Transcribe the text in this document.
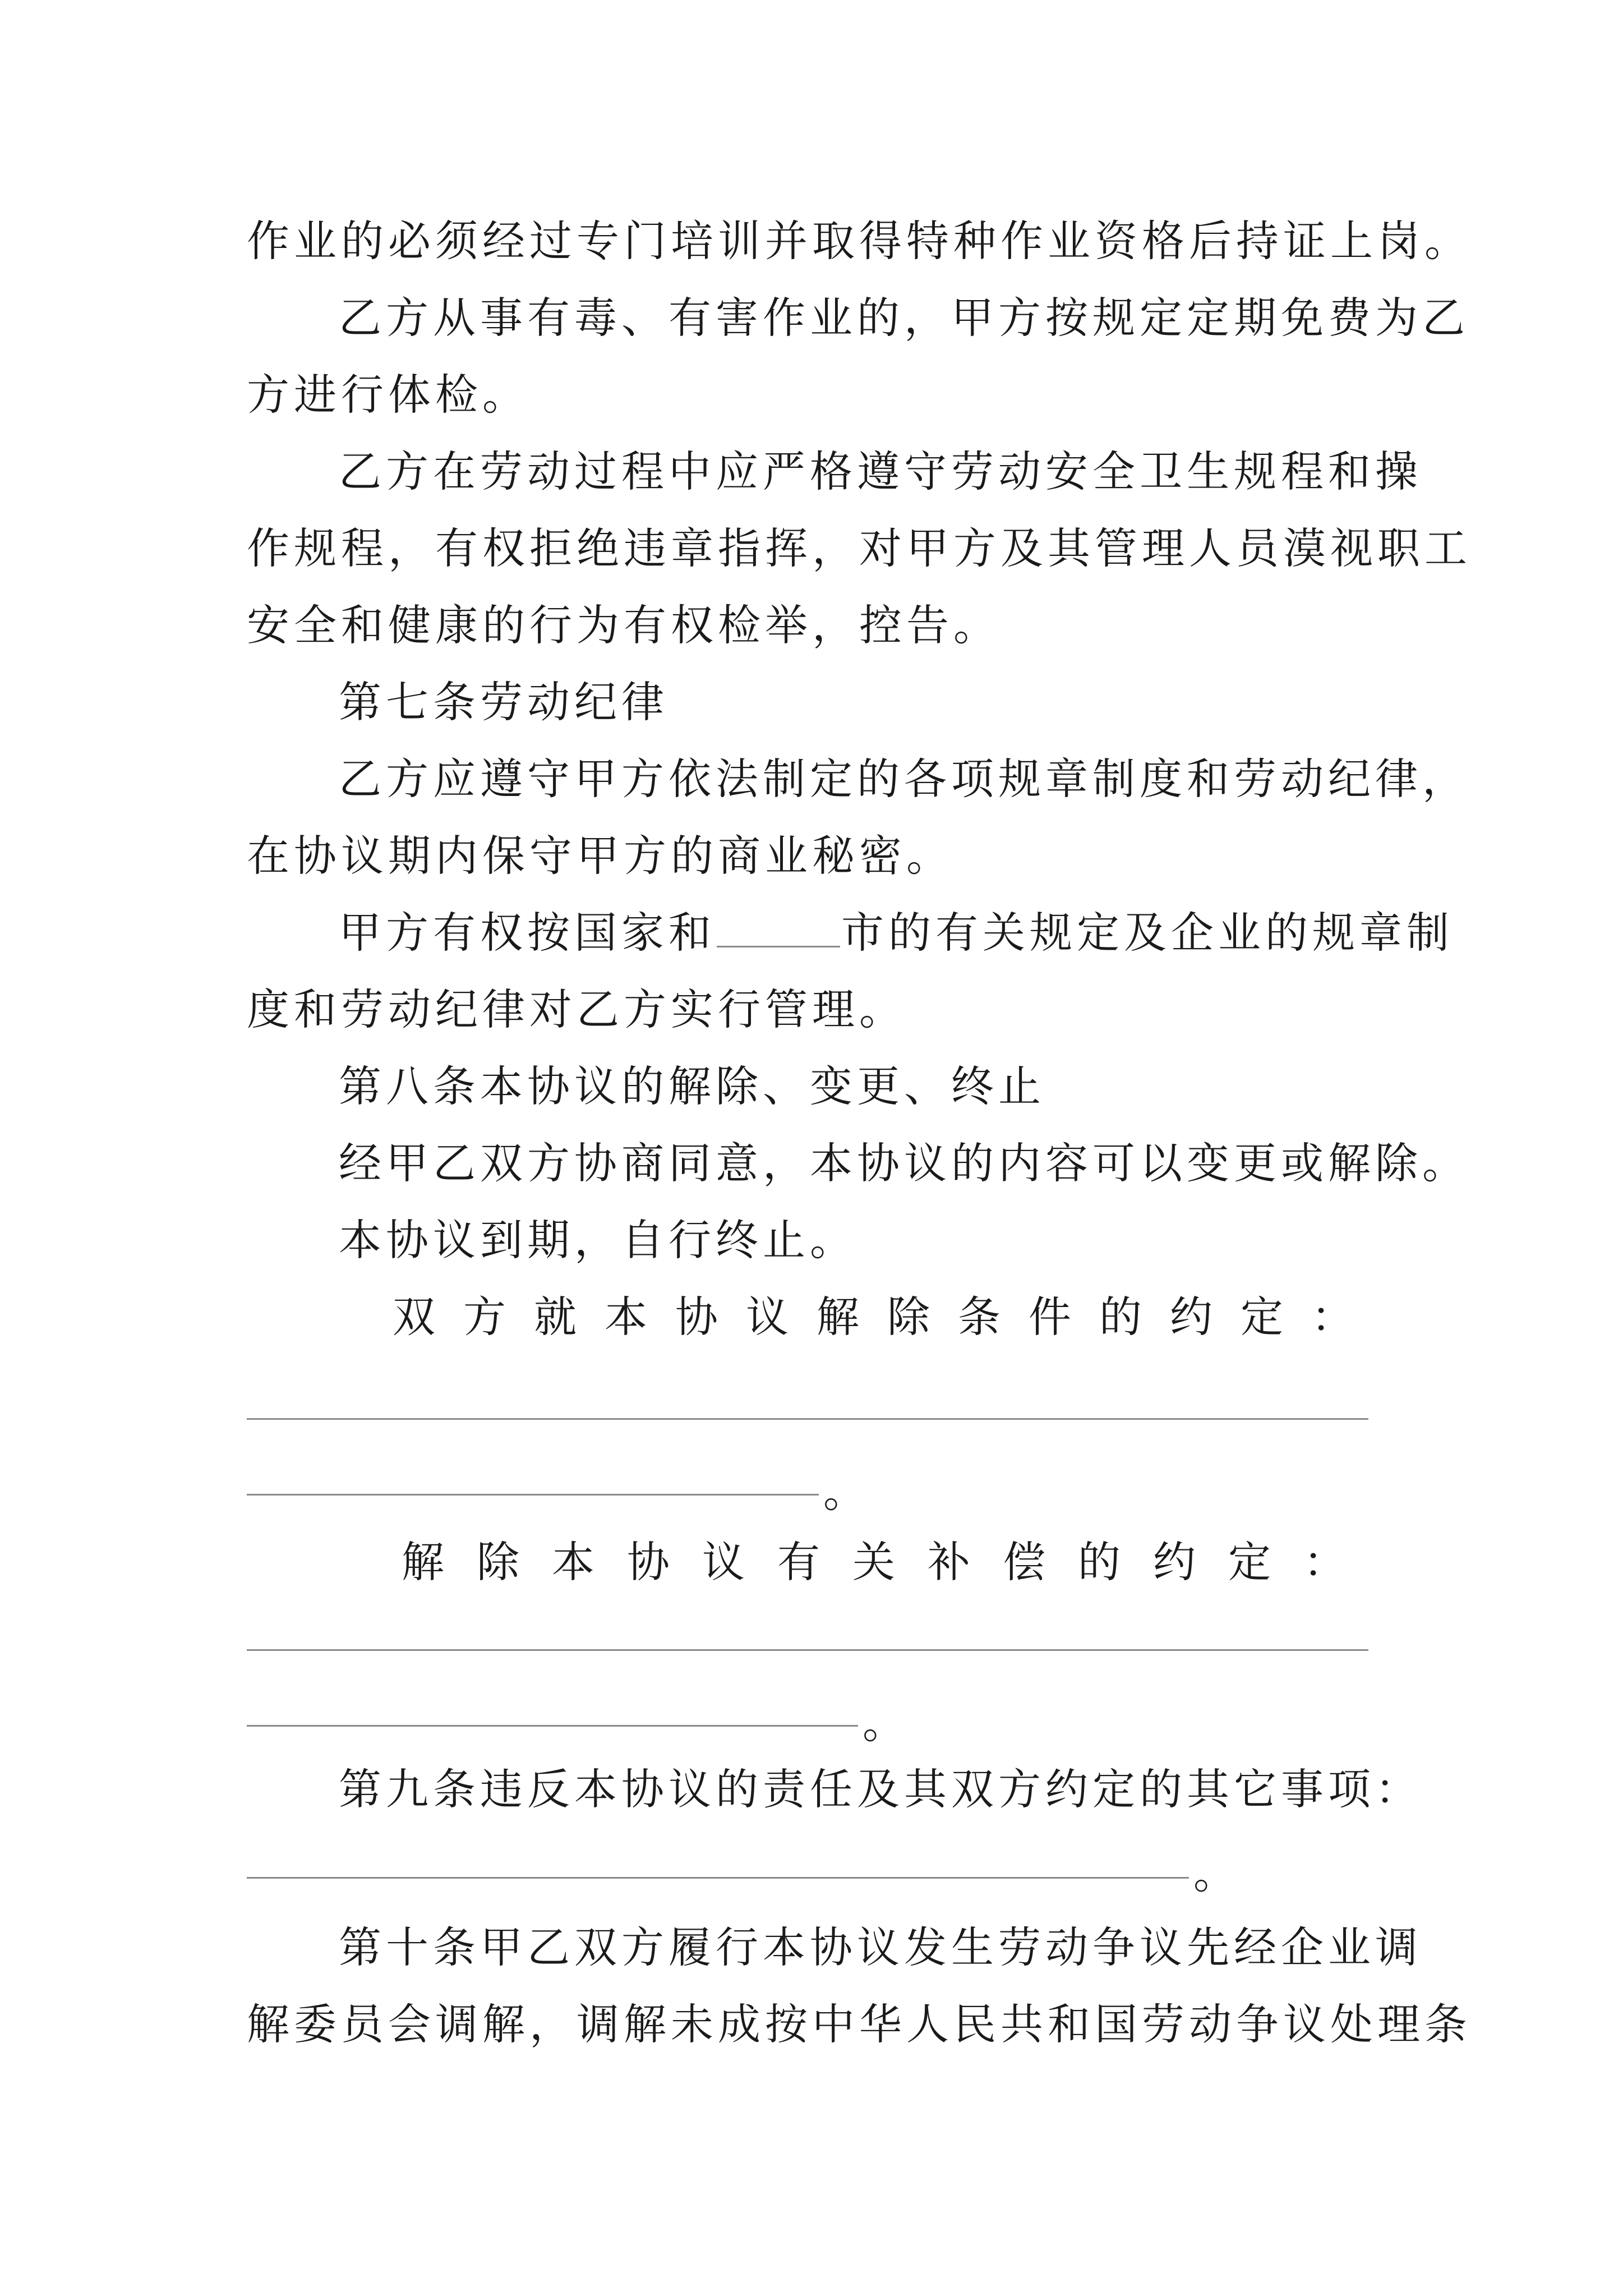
作业的必须经过专门培训并取得特种作业资格后持证上岗。
乙方从事有毒、有害作业的，甲方按规定定期免费为乙
方进行体检。
乙方在劳动过程中应严格遵守劳动安全卫生规程和操
作规程，有权拒绝违章指挥，对甲方及其管理人员漠视职工
安全和健康的行为有权检举，控告。
第七条劳动纪律
乙方应遵守甲方依法制定的各项规章制度和劳动纪律，
在协议期内保守甲方的商业秘密。
甲方有权按国家和	市的有关规定及企业的规章制
度和劳动纪律对乙方实行管理。
第八条本协议的解除、变更、终止
经甲乙双方协商同意，本协议的内容可以变更或解除。
本协议到期，自行终止。
双方就本协议解除条件的约定：
。
解除本协议有关补偿的约定：
。
第九条违反本协议的责任及其双方约定的其它事项：
。
第十条甲乙双方履行本协议发生劳动争议先经企业调
解委员会调解，调解未成按中华人民共和国劳动争议处理条
